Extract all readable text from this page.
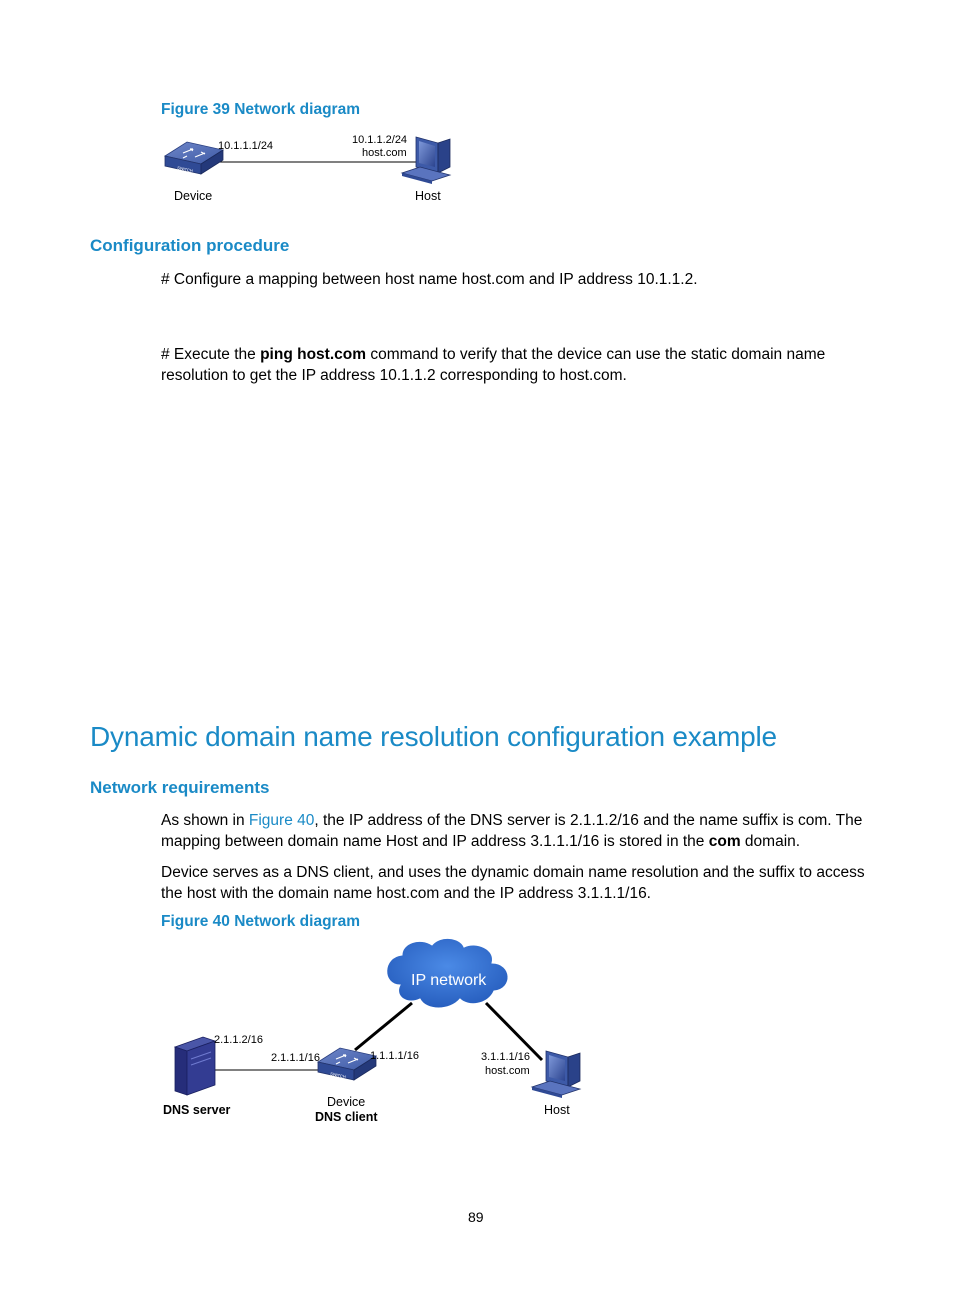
Figure 39 Network diagram
SWITCH
10.1.1.1/24	10.1.1.2/24
host.com
Device	Host
Configuration procedure
# Configure a mapping between host name host.com and IP address 10.1.1.2.
# Execute the ping host.com command to verify that the device can use the static domain name resolution to get the IP address 10.1.1.2 corresponding to host.com.
Dynamic domain name resolution configuration example
Network requirements
As shown in Figure 40, the IP address of the DNS server is 2.1.1.2/16 and the name suffix is com. The mapping between domain name Host and IP address 3.1.1.1/16 is stored in the com domain.
Device serves as a DNS client, and uses the dynamic domain name resolution and the suffix to access the host with the domain name host.com and the IP address 3.1.1.1/16.
Figure 40 Network diagram
IP network
SWITCH
2.1.1.2/16
2.1.1.1/16	1.1.1.1/16	3.1.1.1/16
host.com
DNS server
Device
DNS client	Host
89
